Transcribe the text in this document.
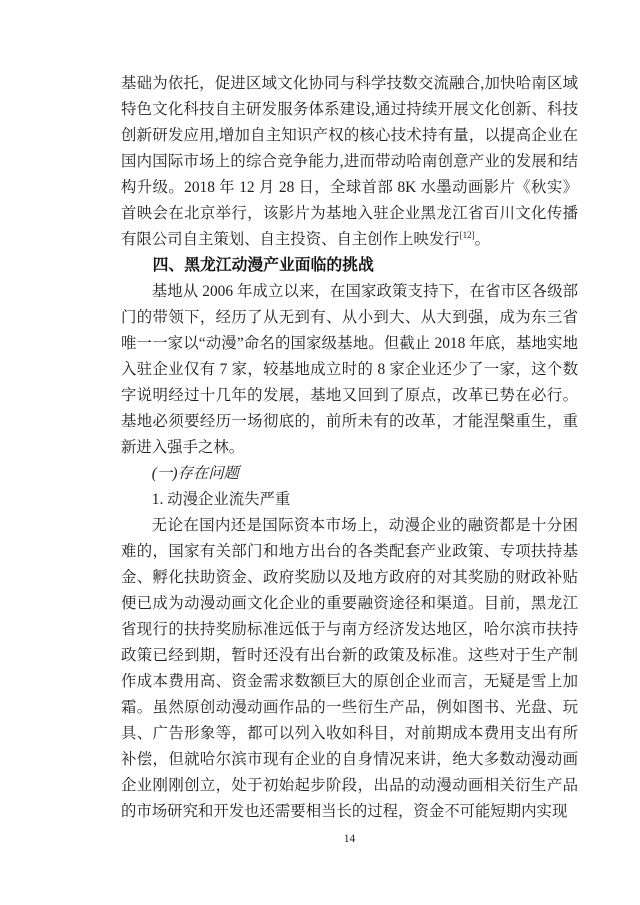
基础为依托，促进区域文化协同与科学技数交流融合,加快哈南区域特色文化科技自主研发服务体系建设,通过持续开展文化创新、科技创新研发应用,增加自主知识产权的核心技术持有量，以提高企业在国内国际市场上的综合竞争能力,进而带动哈南创意产业的发展和结构升级。2018 年 12 月 28 日，全球首部 8K 水墨动画影片《秋实》首映会在北京举行，该影片为基地入驻企业黑龙江省百川文化传播有限公司自主策划、自主投资、自主创作上映发行[12]。

四、黑龙江动漫产业面临的挑战

基地从 2006 年成立以来，在国家政策支持下，在省市区各级部门的带领下，经历了从无到有、从小到大、从大到强，成为东三省唯一一家以“动漫”命名的国家级基地。但截止 2018 年底，基地实地入驻企业仅有 7 家，较基地成立时的 8 家企业还少了一家，这个数字说明经过十几年的发展，基地又回到了原点，改革已势在必行。基地必须要经历一场彻底的，前所未有的改革，才能涅槃重生，重新进入强手之林。

(一)存在问题

1. 动漫企业流失严重

无论在国内还是国际资本市场上，动漫企业的融资都是十分困难的，国家有关部门和地方出台的各类配套产业政策、专项扶持基金、孵化扶助资金、政府奖励以及地方政府的对其奖励的财政补贴便已成为动漫动画文化企业的重要融资途径和渠道。目前，黑龙江省现行的扶持奖励标准远低于与南方经济发达地区，哈尔滨市扶持政策已经到期，暂时还没有出台新的政策及标准。这些对于生产制作成本费用高、资金需求数额巨大的原创企业而言，无疑是雪上加霜。虽然原创动漫动画作品的一些衍生产品，例如图书、光盘、玩具、广告形象等，都可以列入收如科目，对前期成本费用支出有所补偿，但就哈尔滨市现有企业的自身情况来讲，绝大多数动漫动画企业刚刚创立，处于初始起步阶段，出品的动漫动画相关衍生产品的市场研究和开发也还需要相当长的过程，资金不可能短期内实现

14
